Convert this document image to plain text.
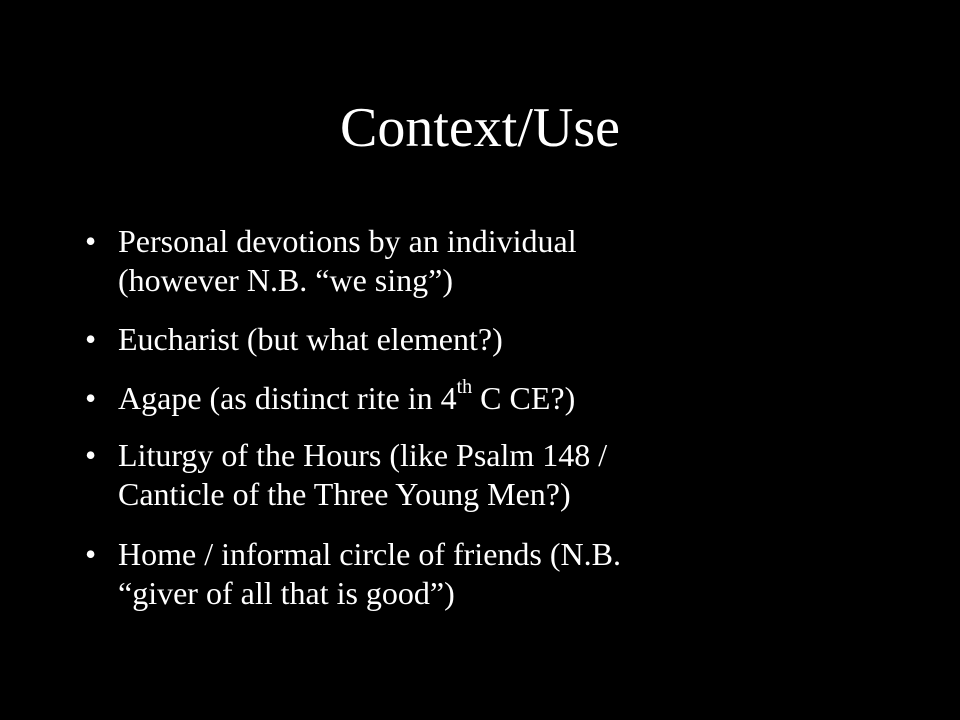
Context/Use
• Personal devotions by an individual
(however N.B. “we sing”)
• Eucharist (but what element?)
• Agape (as distinct rite in 4th C CE?)
• Liturgy of the Hours (like Psalm 148 /
Canticle of the Three Young Men?)
• Home / informal circle of friends (N.B.
“giver of all that is good”)
